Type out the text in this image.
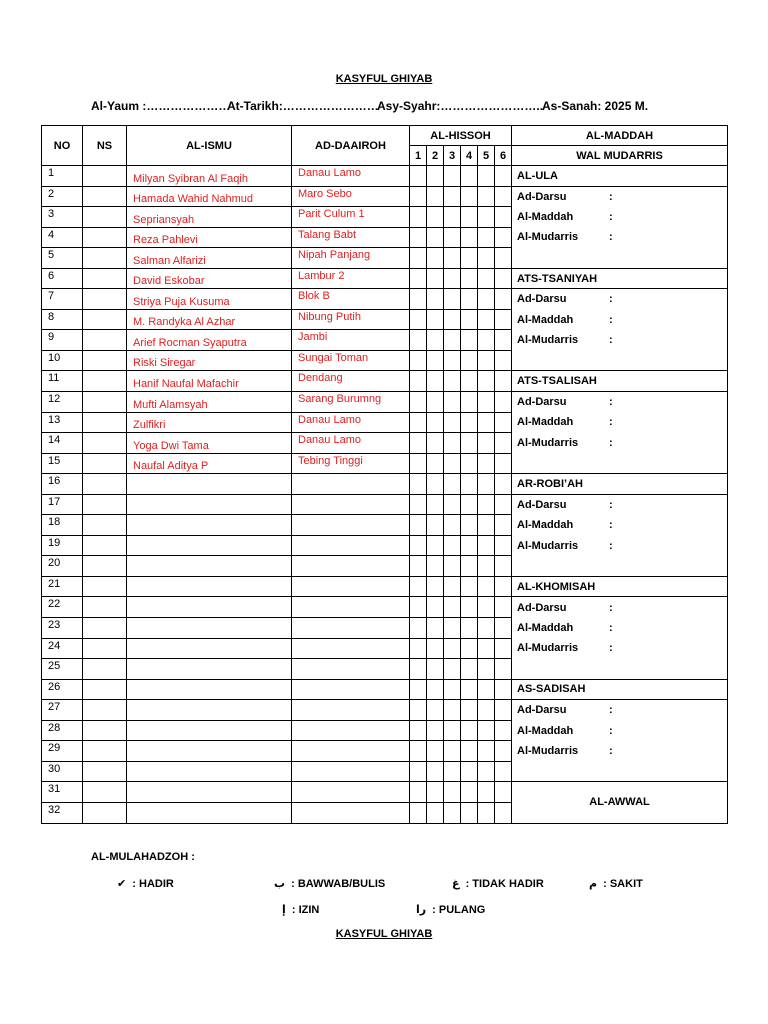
KASYFUL GHIYAB
Al-Yaum :…………………
At-Tarikh:……………………
Asy-Syahr:……………………..
As-Sanah: 2025 M.
NO	NS	AL-ISMU	AD-DAAIROH	AL-HISSOH						AL-MADDAH
				1	2	3	4	5	6	WAL MUDARRIS
1		Milyan Syibran Al Faqih	Danau Lamo							AL-ULA
2		Hamada Wahid Nahmud	Maro Sebo							Ad-Darsu :

3		Sepriansyah	Parit Culum 1							Al-Maddah :

4		Reza Pahlevi	Talang Babt							Al-Mudarris :
5		Salman Alfarizi	Nipah Panjang							
6		David Eskobar	Lambur 2							ATS-TSANIYAH
7		Striya Puja Kusuma	Blok B							Ad-Darsu :

8		M. Randyka Al Azhar	Nibung Putih							Al-Maddah :

9		Arief Rocman Syaputra	Jambi							Al-Mudarris :
10		Riski Siregar	Sungai Toman							
11		Hanif Naufal Mafachir	Dendang							ATS-TSALISAH
12		Mufti Alamsyah	Sarang Burumng							Ad-Darsu :

13		Zulfikri	Danau Lamo							Al-Maddah :

14		Yoga Dwi Tama	Danau Lamo							Al-Mudarris :
15		Naufal Aditya P	Tebing Tinggi							
16										AR-ROBI’AH
17										Ad-Darsu :

18										Al-Maddah :

19										Al-Mudarris :
20										
21										AL-KHOMISAH
22										Ad-Darsu :

23										Al-Maddah :

24										Al-Mudarris :
25										
26										AS-SADISAH
27										Ad-Darsu :

28										Al-Maddah :

29										Al-Mudarris :
30										
31										AL-AWWAL
32										
AL-MULAHADZOH :
✔ : HADIR	ب : BAWWAB/BULIS	غ : TIDAK HADIR	م : SAKIT
إ : IZIN	را : PULANG
KASYFUL GHIYAB
